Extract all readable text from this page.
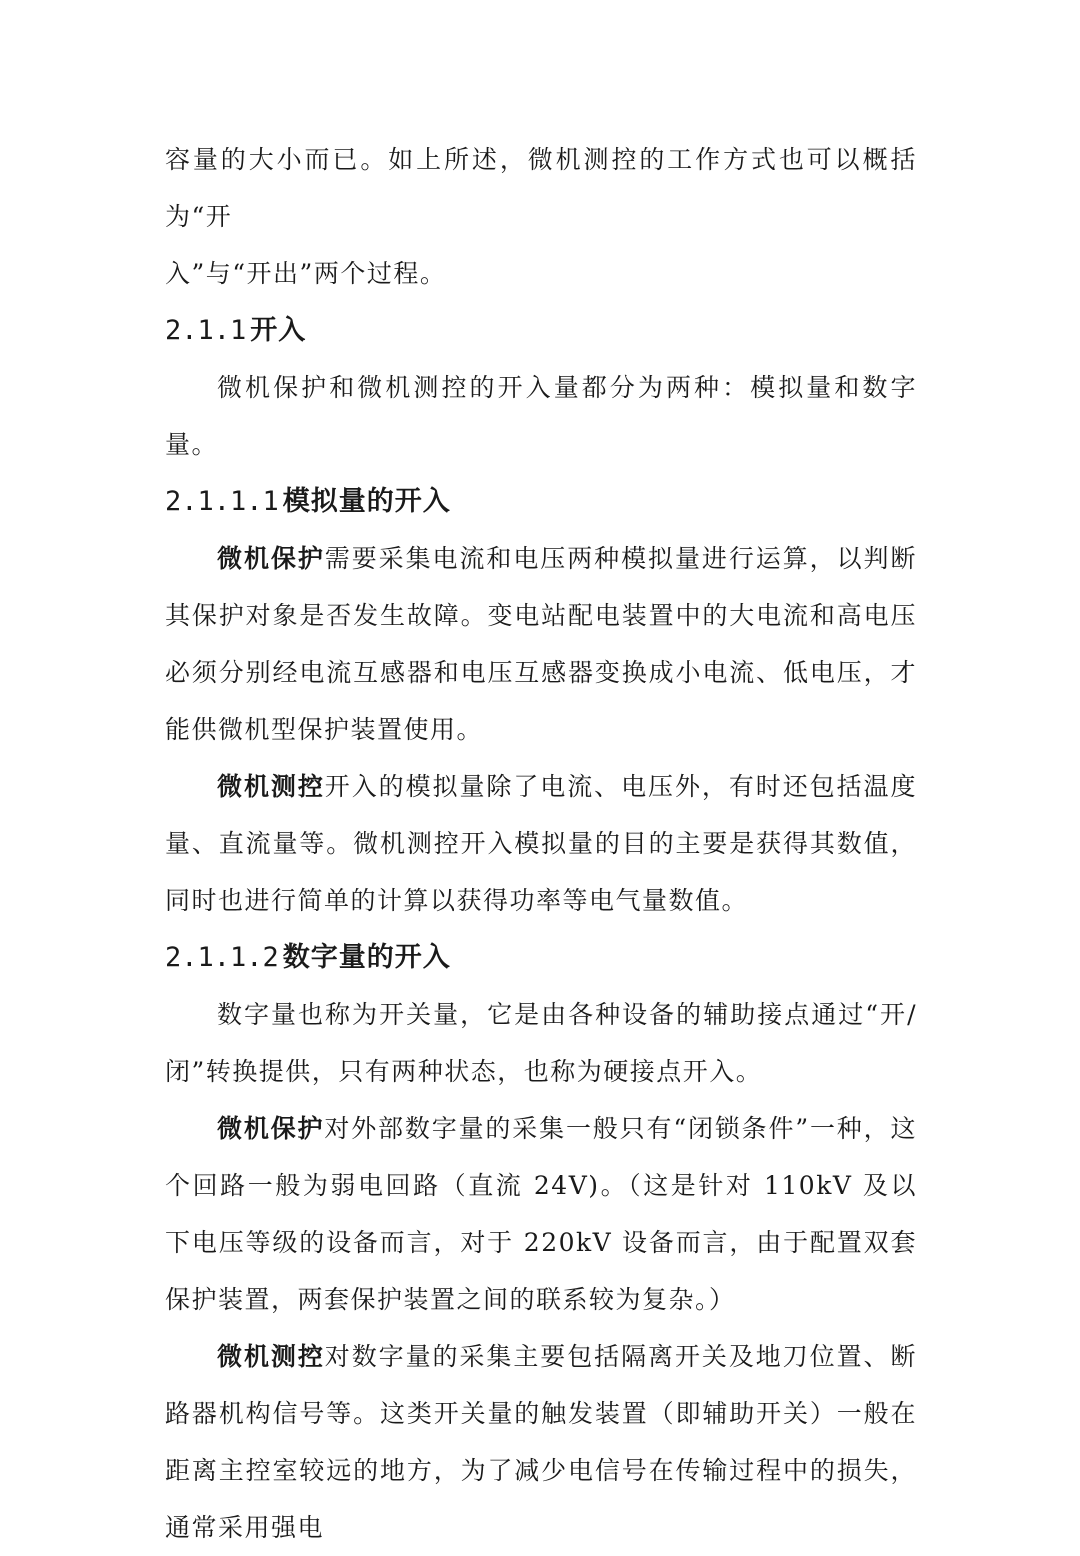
容量的大小而已。如上所述，微机测控的工作方式也可以概括为“开
入”与“开出”两个过程。

2.1.1 开入

微机保护和微机测控的开入量都分为两种：模拟量和数字量。

2.1.1.1 模拟量的开入

微机保护需要采集电流和电压两种模拟量进行运算，以判断其保护对象是否发生故障。变电站配电装置中的大电流和高电压必须分别经电流互感器和电压互感器变换成小电流、低电压，才能供微机型保护装置使用。

微机测控开入的模拟量除了电流、电压外，有时还包括温度量、直流量等。微机测控开入模拟量的目的主要是获得其数值，同时也进行简单的计算以获得功率等电气量数值。

2.1.1.2 数字量的开入

数字量也称为开关量，它是由各种设备的辅助接点通过“开/闭”转换提供，只有两种状态，也称为硬接点开入。

微机保护对外部数字量的采集一般只有“闭锁条件”一种，这个回路一般为弱电回路（直流 24V)。（这是针对 110kV 及以下电压等级的设备而言，对于 220kV 设备而言，由于配置双套保护装置，两套保护装置之间的联系较为复杂。）

微机测控对数字量的采集主要包括隔离开关及地刀位置、断路器机构信号等。这类开关量的触发装置（即辅助开关）一般在距离主控室较远的地方，为了减少电信号在传输过程中的损失，通常采用强电
